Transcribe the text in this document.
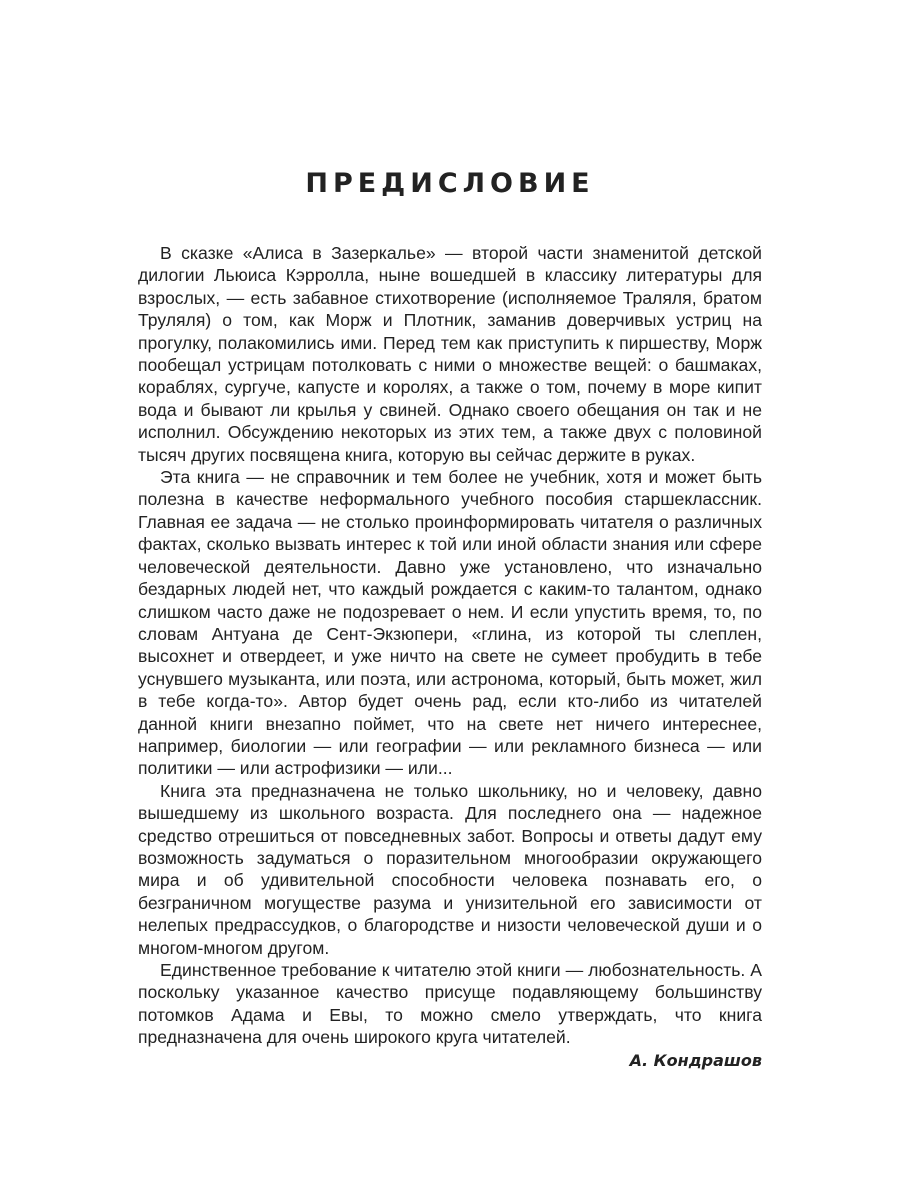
ПРЕДИСЛОВИЕ

В сказке «Алиса в Зазеркалье» — второй части знаменитой детской дилогии Льюиса Кэрролла, ныне вошедшей в классику литературы для взрослых, — есть забавное стихотворение (исполняемое Траляля, братом Труляля) о том, как Морж и Плотник, заманив доверчивых устриц на прогулку, полакомились ими. Перед тем как приступить к пиршеству, Морж пообещал устрицам потолковать с ними о множестве вещей: о башмаках, кораблях, сургуче, капусте и королях, а также о том, почему в море кипит вода и бывают ли крылья у свиней. Однако своего обещания он так и не исполнил. Обсуждению некоторых из этих тем, а также двух с половиной тысяч других посвящена книга, которую вы сейчас держите в руках.

Эта книга — не справочник и тем более не учебник, хотя и может быть полезна в качестве неформального учебного пособия старшеклассник. Главная ее задача — не столько проинформировать читателя о различных фактах, сколько вызвать интерес к той или иной области знания или сфере человеческой деятельности. Давно уже установлено, что изначально бездарных людей нет, что каждый рождается с каким-то талантом, однако слишком часто даже не подозревает о нем. И если упустить время, то, по словам Антуана де Сент-Экзюпери, «глина, из которой ты слеплен, высохнет и отвердеет, и уже ничто на свете не сумеет пробудить в тебе уснувшего музыканта, или поэта, или астронома, который, быть может, жил в тебе когда-то». Автор будет очень рад, если кто-либо из читателей данной книги внезапно поймет, что на свете нет ничего интереснее, например, биологии — или географии — или рекламного бизнеса — или политики — или астрофизики — или...

Книга эта предназначена не только школьнику, но и человеку, давно вышедшему из школьного возраста. Для последнего она — надежное средство отрешиться от повседневных забот. Вопросы и ответы дадут ему возможность задуматься о поразительном многообразии окружающего мира и об удивительной способности человека познавать его, о безграничном могуществе разума и унизительной его зависимости от нелепых предрассудков, о благородстве и низости человеческой души и о многом-многом другом.

Единственное требование к читателю этой книги — любознательность. А поскольку указанное качество присуще подавляющему большинству потомков Адама и Евы, то можно смело утверждать, что книга предназначена для очень широкого круга читателей.

А. Кондрашов
